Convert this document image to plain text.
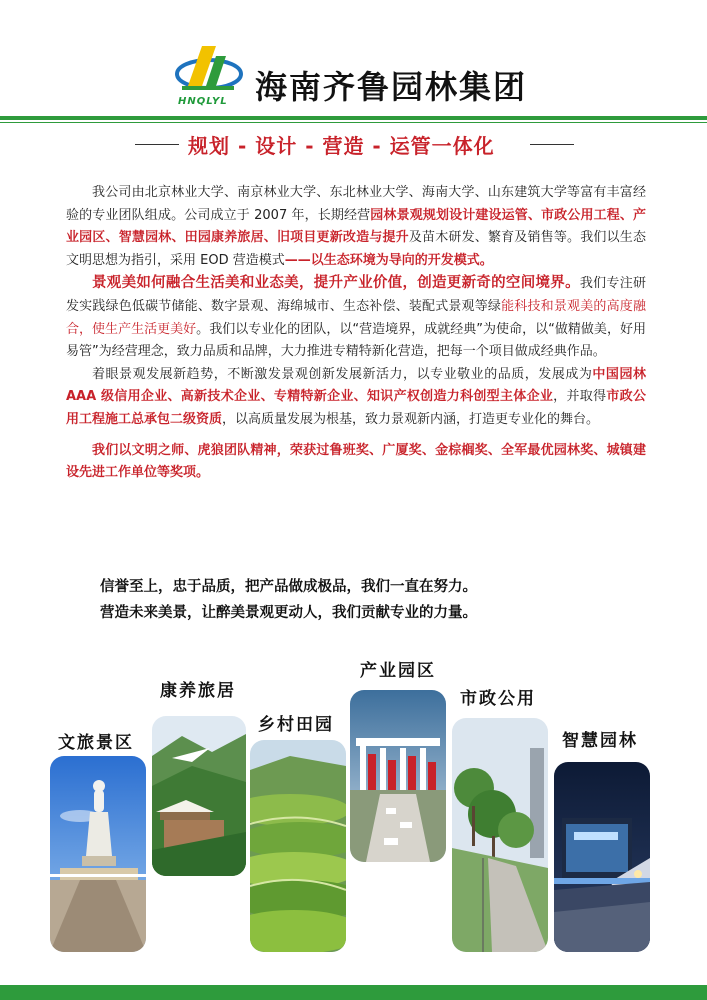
HNQLYL 海南齐鲁园林集团
规划 - 设计 - 营造 - 运管一体化

我公司由北京林业大学、南京林业大学、东北林业大学、海南大学、山东建筑大学等富有丰富经验的专业团队组成。公司成立于 2007 年，长期经营园林景观规划设计建设运管、市政公用工程、产业园区、智慧园林、田园康养旅居、旧项目更新改造与提升及苗木研发、繁育及销售等。我们以生态文明思想为指引，采用 EOD 营造模式——以生态环境为导向的开发模式。

景观美如何融合生活美和业态美，提升产业价值，创造更新奇的空间境界。我们专注研发实践绿色低碳节储能、数字景观、海绵城市、生态补偿、装配式景观等绿能科技和景观美的高度融合，使生产生活更美好。我们以专业化的团队，以“营造境界，成就经典”为使命，以“做精做美，好用易管”为经营理念，致力品质和品牌，大力推进专精特新化营造，把每一个项目做成经典作品。

着眼景观发展新趋势，不断激发景观创新发展新活力，以专业敬业的品质，发展成为中国园林 AAA 级信用企业、高新技术企业、专精特新企业、知识产权创造力科创型主体企业，并取得市政公用工程施工总承包二级资质，以高质量发展为根基，致力景观新内涵，打造更专业化的舞台。

我们以文明之师、虎狼团队精神，荣获过鲁班奖、广厦奖、金棕榈奖、全军最优园林奖、城镇建设先进工作单位等奖项。

信誉至上，忠于品质，把产品做成极品，我们一直在努力。
营造未来美景，让醉美景观更动人，我们贡献专业的力量。
文旅景区
康养旅居
乡村田园
产业园区
市政公用
智慧园林
